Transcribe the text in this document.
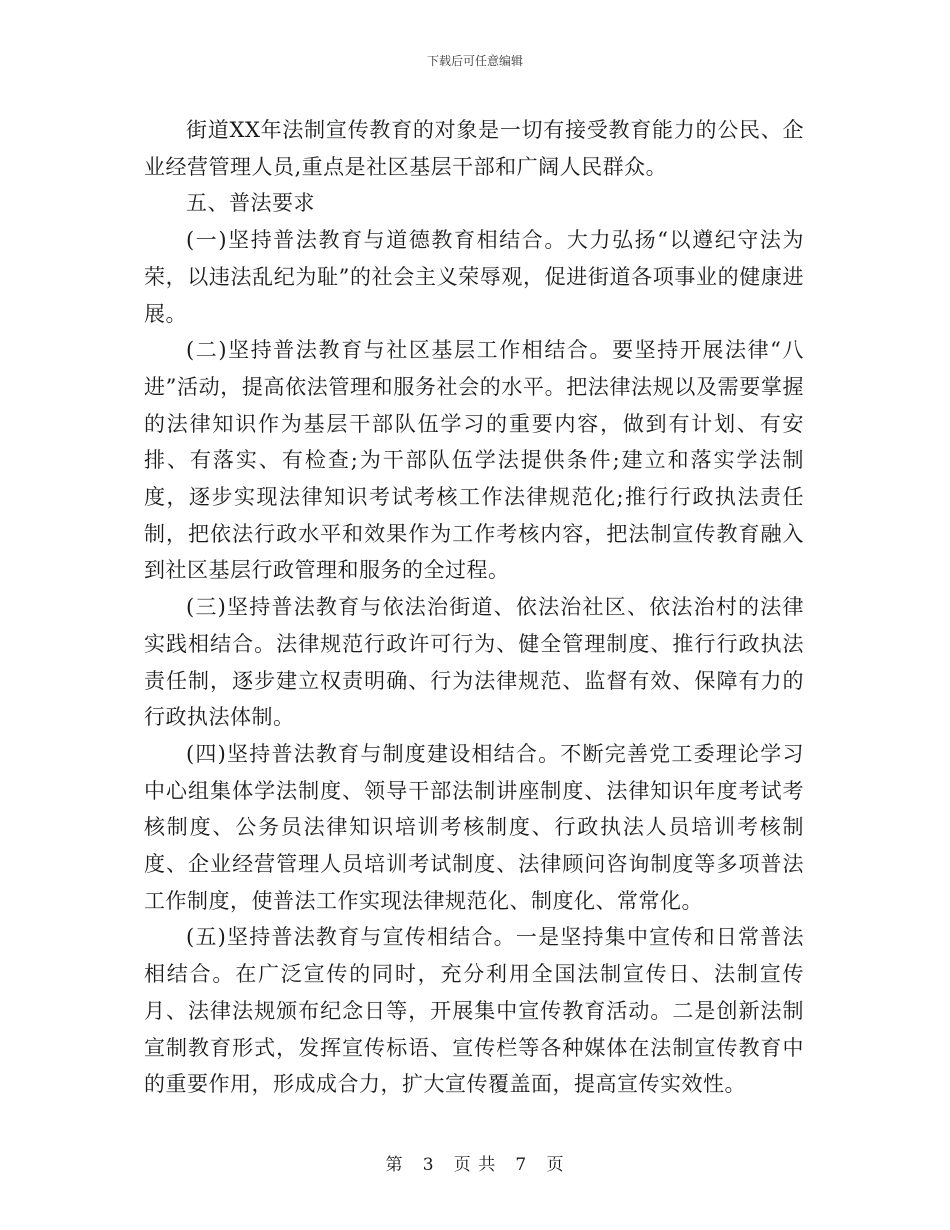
下载后可任意编辑

街道XX年法制宣传教育的对象是一切有接受教育能力的公民、企业经营管理人员,重点是社区基层干部和广阔人民群众。

五、普法要求

(一)坚持普法教育与道德教育相结合。大力弘扬“以遵纪守法为荣，以违法乱纪为耻”的社会主义荣辱观，促进街道各项事业的健康进展。

(二)坚持普法教育与社区基层工作相结合。要坚持开展法律“八进”活动，提高依法管理和服务社会的水平。把法律法规以及需要掌握的法律知识作为基层干部队伍学习的重要内容，做到有计划、有安排、有落实、有检查;为干部队伍学法提供条件;建立和落实学法制度，逐步实现法律知识考试考核工作法律规范化;推行行政执法责任制，把依法行政水平和效果作为工作考核内容，把法制宣传教育融入到社区基层行政管理和服务的全过程。

(三)坚持普法教育与依法治街道、依法治社区、依法治村的法律实践相结合。法律规范行政许可行为、健全管理制度、推行行政执法责任制，逐步建立权责明确、行为法律规范、监督有效、保障有力的行政执法体制。

(四)坚持普法教育与制度建设相结合。不断完善党工委理论学习中心组集体学法制度、领导干部法制讲座制度、法律知识年度考试考核制度、公务员法律知识培训考核制度、行政执法人员培训考核制度、企业经营管理人员培训考试制度、法律顾问咨询制度等多项普法工作制度，使普法工作实现法律规范化、制度化、常常化。

(五)坚持普法教育与宣传相结合。一是坚持集中宣传和日常普法相结合。在广泛宣传的同时，充分利用全国法制宣传日、法制宣传月、法律法规颁布纪念日等，开展集中宣传教育活动。二是创新法制宣制教育形式，发挥宣传标语、宣传栏等各种媒体在法制宣传教育中的重要作用，形成成合力，扩大宣传覆盖面，提高宣传实效性。

第 3 页 共 7 页
